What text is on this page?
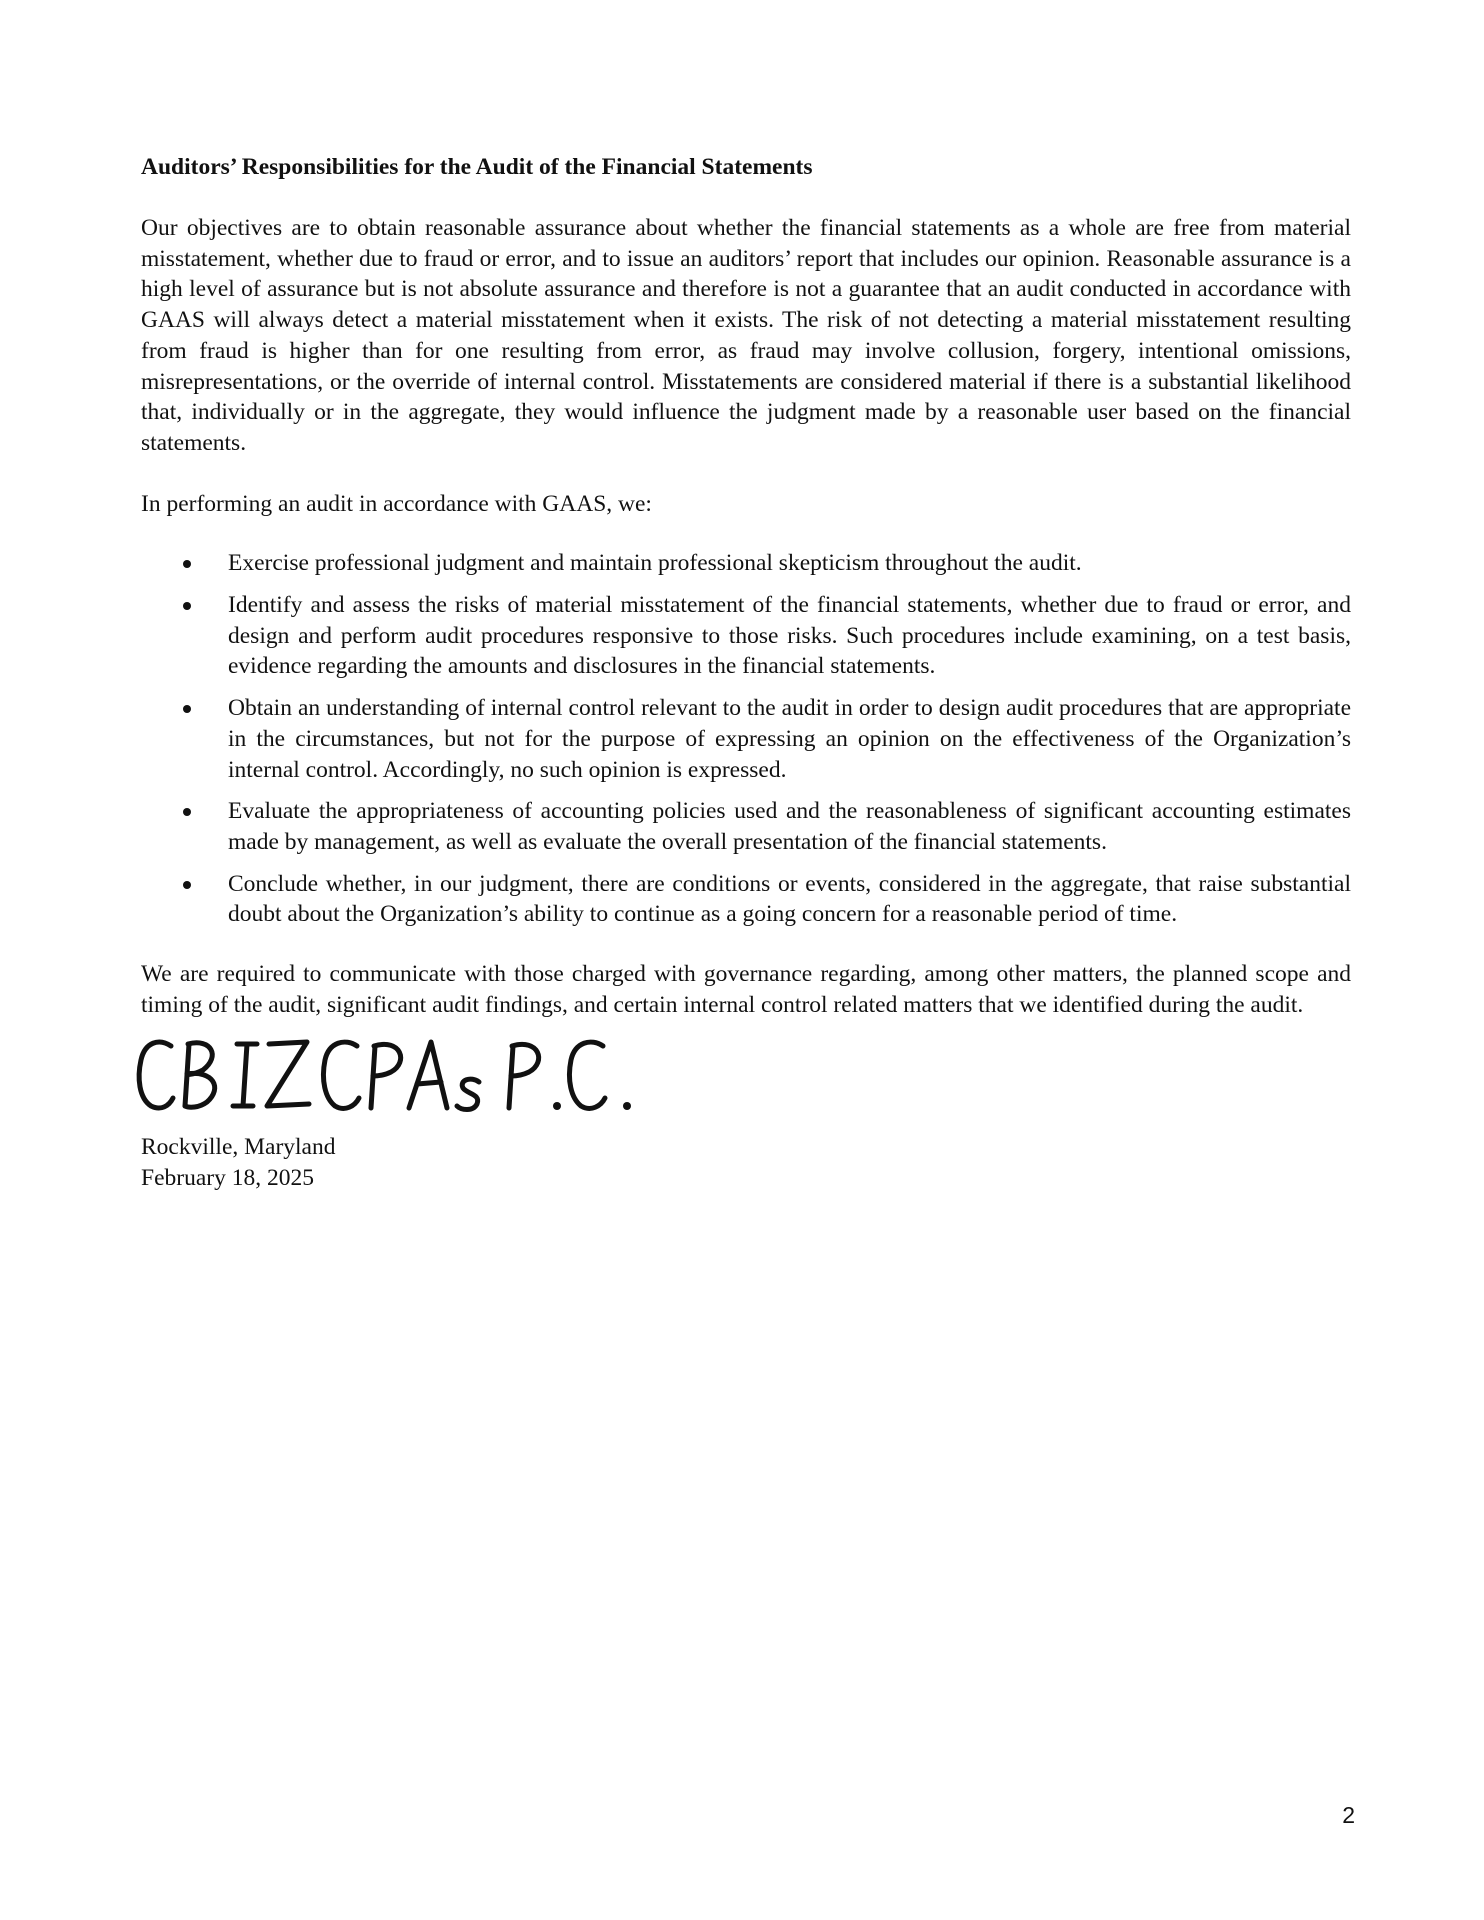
Auditors’ Responsibilities for the Audit of the Financial Statements

Our objectives are to obtain reasonable assurance about whether the financial statements as a whole are free from material misstatement, whether due to fraud or error, and to issue an auditors’ report that includes our opinion. Reasonable assurance is a high level of assurance but is not absolute assurance and therefore is not a guarantee that an audit conducted in accordance with GAAS will always detect a material misstatement when it exists. The risk of not detecting a material misstatement resulting from fraud is higher than for one resulting from error, as fraud may involve collusion, forgery, intentional omissions, misrepresentations, or the override of internal control. Misstatements are considered material if there is a substantial likelihood that, individually or in the aggregate, they would influence the judgment made by a reasonable user based on the financial statements.

In performing an audit in accordance with GAAS, we:

Exercise professional judgment and maintain professional skepticism throughout the audit.
Identify and assess the risks of material misstatement of the financial statements, whether due to fraud or error, and design and perform audit procedures responsive to those risks. Such procedures include examining, on a test basis, evidence regarding the amounts and disclosures in the financial statements.
Obtain an understanding of internal control relevant to the audit in order to design audit procedures that are appropriate in the circumstances, but not for the purpose of expressing an opinion on the effectiveness of the Organization’s internal control. Accordingly, no such opinion is expressed.
Evaluate the appropriateness of accounting policies used and the reasonableness of significant accounting estimates made by management, as well as evaluate the overall presentation of the financial statements.
Conclude whether, in our judgment, there are conditions or events, considered in the aggregate, that raise substantial doubt about the Organization’s ability to continue as a going concern for a reasonable period of time.

We are required to communicate with those charged with governance regarding, among other matters, the planned scope and timing of the audit, significant audit findings, and certain internal control related matters that we identified during the audit.

Rockville, Maryland

February 18, 2025

2
